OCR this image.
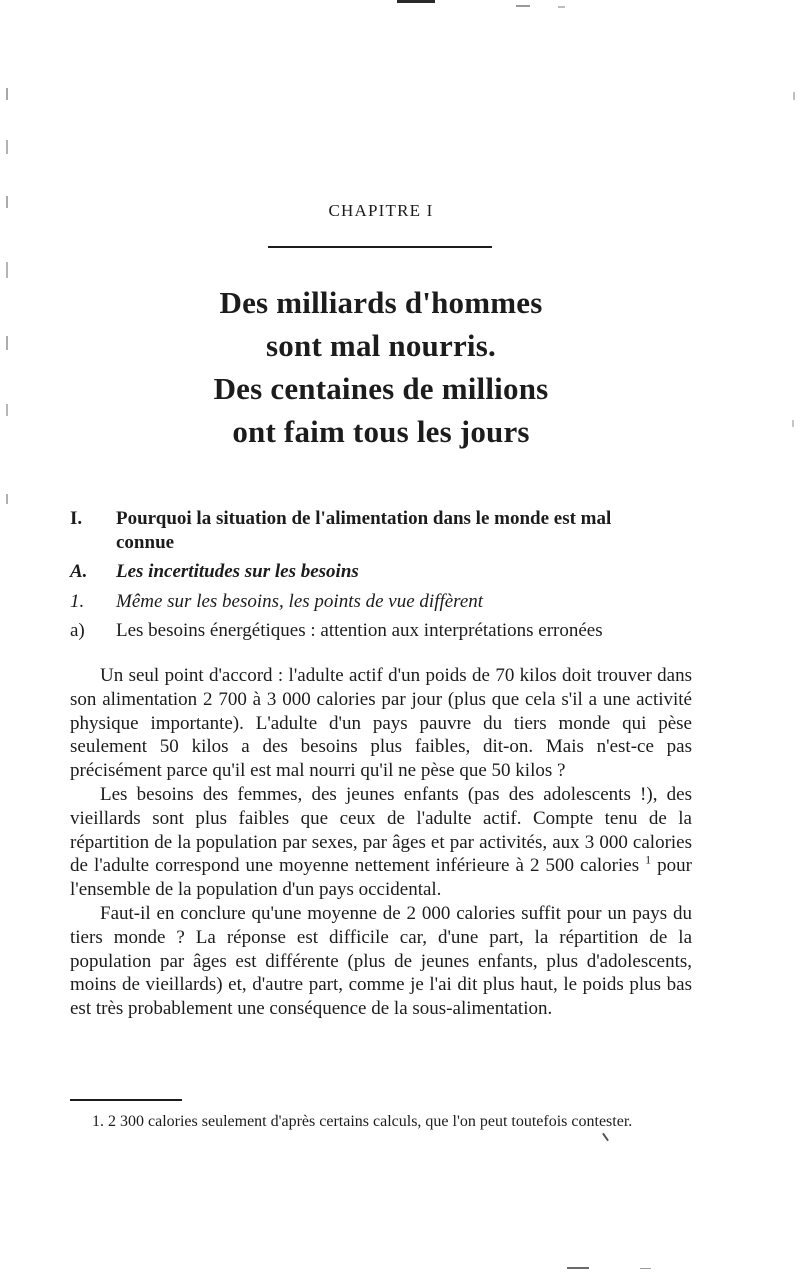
CHAPITRE I
Des milliards d'hommes
sont mal nourris.
Des centaines de millions
ont faim tous les jours
I.	Pourquoi la situation de l'alimentation dans le monde est mal connue
A.	Les incertitudes sur les besoins
1.	Même sur les besoins, les points de vue diffèrent
a)	Les besoins énergétiques : attention aux interprétations erronées

Un seul point d'accord : l'adulte actif d'un poids de 70 kilos doit trouver dans son alimentation 2 700 à 3 000 calories par jour (plus que cela s'il a une activité physique importante). L'adulte d'un pays pauvre du tiers monde qui pèse seulement 50 kilos a des besoins plus faibles, dit-on. Mais n'est-ce pas précisément parce qu'il est mal nourri qu'il ne pèse que 50 kilos ?

Les besoins des femmes, des jeunes enfants (pas des adolescents !), des vieillards sont plus faibles que ceux de l'adulte actif. Compte tenu de la répartition de la population par sexes, par âges et par activités, aux 3 000 calories de l'adulte correspond une moyenne nettement inférieure à 2 500 calories $^1$ pour l'ensemble de la population d'un pays occidental.

Faut-il en conclure qu'une moyenne de 2 000 calories suffit pour un pays du tiers monde ? La réponse est difficile car, d'une part, la répartition de la population par âges est différente (plus de jeunes enfants, plus d'adolescents, moins de vieillards) et, d'autre part, comme je l'ai dit plus haut, le poids plus bas est très probablement une conséquence de la sous-alimentation.

1. 2 300 calories seulement d'après certains calculs, que l'on peut toutefois contester.
